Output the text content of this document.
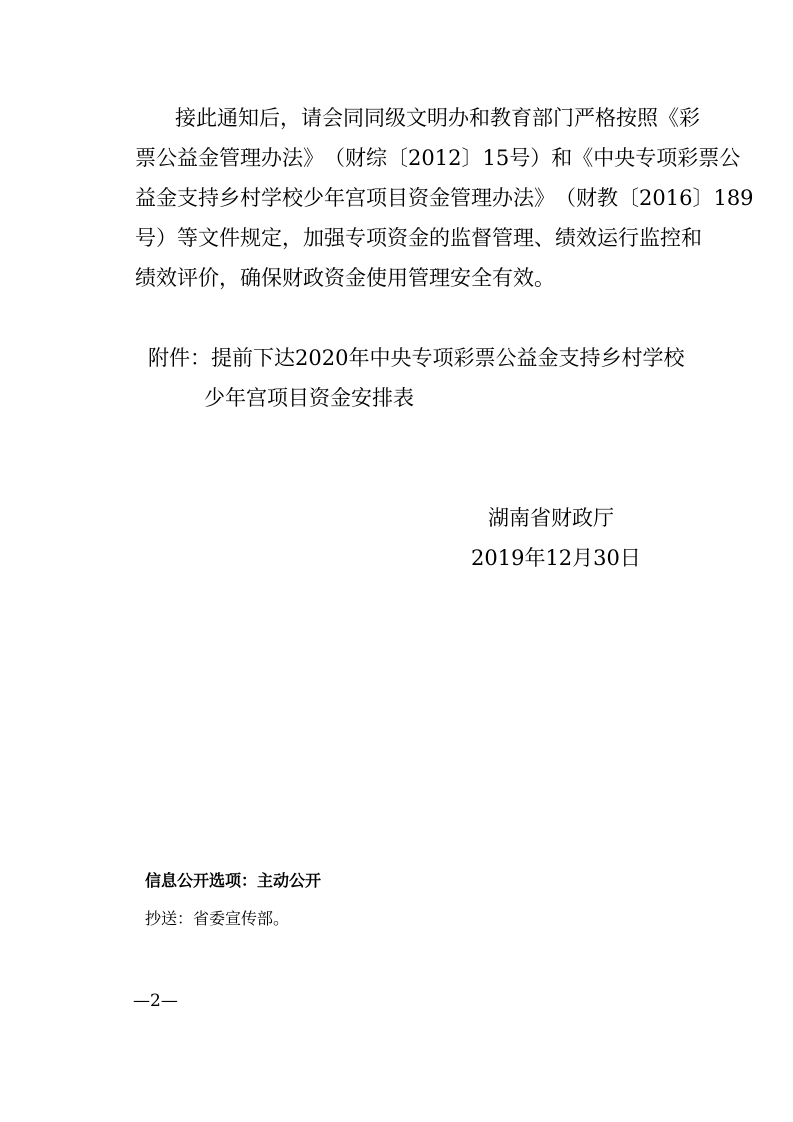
接 此 通 知 后 ， 请 会 同 同 级 文 明 办 和 教 育 部 门 严 格 按 照 《 彩
票 公 益 金 管 理 办 法 》 （ 财 综 〔 2012 〕 15 号 ） 和 《 中 央 专 项 彩 票 公
益 金 支 持 乡 村 学 校 少 年 宫 项 目 资 金 管 理 办 法 》 （ 财 教 〔 2016 〕 189
号 ） 等 文 件 规 定 ， 加 强 专 项 资 金 的 监 督 管 理 、 绩 效 运 行 监 控 和
绩效评价，确保财政资金使用管理安全有效。
附件：提前下达2020年中央专项彩票公益金支持乡村学校
少年宫项目资金安排表
湖南省财政厅
2019年12月30日
信息公开选项：主动公开
抄送：省委宣传部。
—2—
